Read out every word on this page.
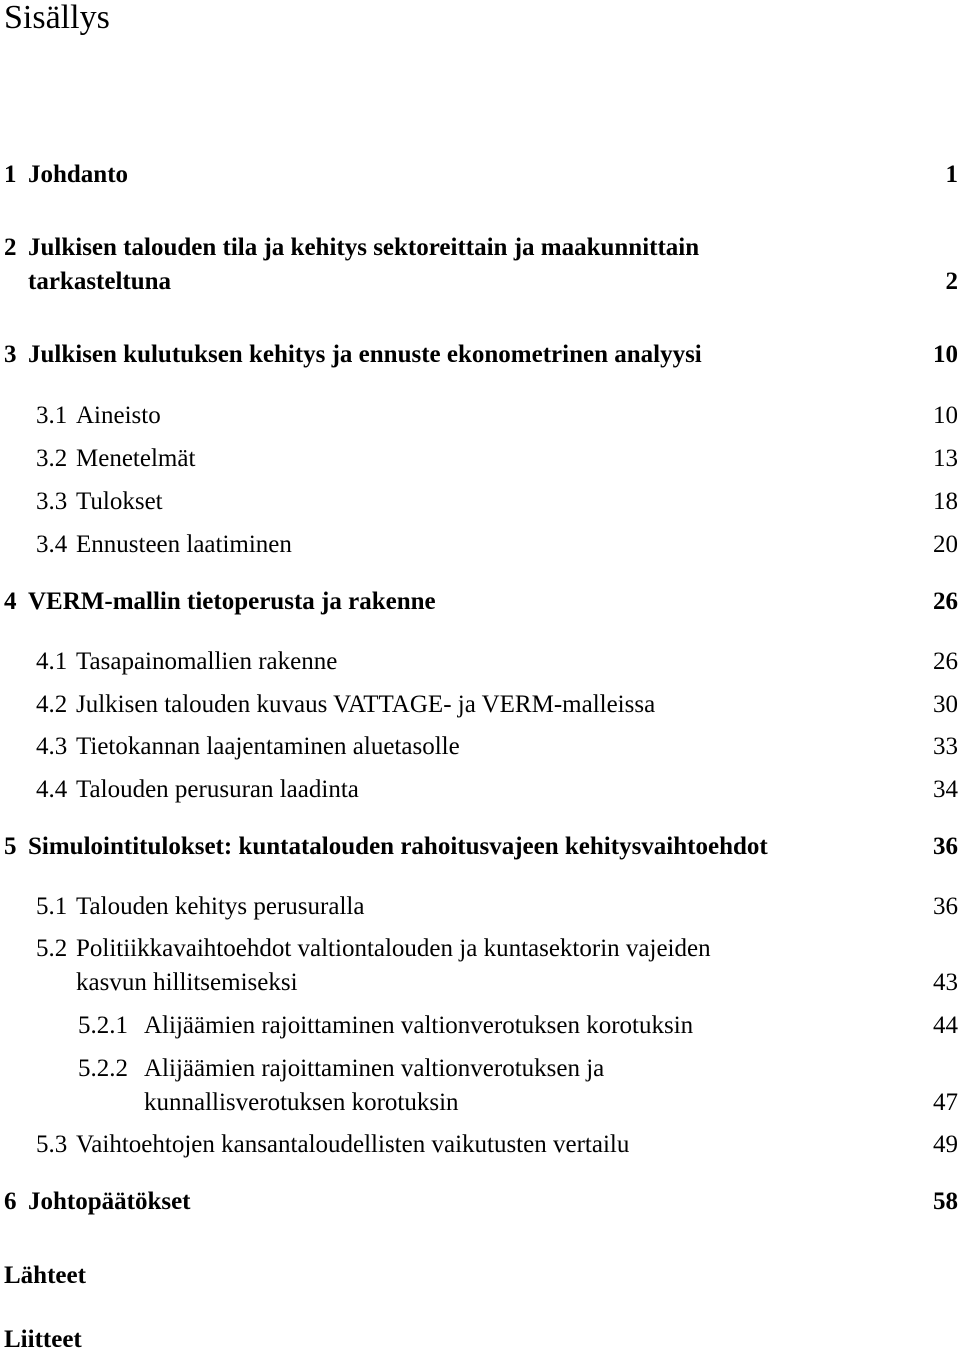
Sisällys
1 Johdanto	1
2 Julkisen talouden tila ja kehitys sektoreittain ja maakunnittain
tarkasteltuna	2
3 Julkisen kulutuksen kehitys ja ennuste ekonometrinen analyysi	10
3.1 Aineisto	10
3.2 Menetelmät	13
3.3 Tulokset	18
3.4 Ennusteen laatiminen	20
4 VERM-mallin tietoperusta ja rakenne	26
4.1 Tasapainomallien rakenne	26
4.2 Julkisen talouden kuvaus VATTAGE- ja VERM-malleissa	30
4.3 Tietokannan laajentaminen aluetasolle	33
4.4 Talouden perusuran laadinta	34
5 Simulointitulokset: kuntatalouden rahoitusvajeen kehitysvaihtoehdot	36
5.1 Talouden kehitys perusuralla	36
5.2 Politiikkavaihtoehdot valtiontalouden ja kuntasektorin vajeiden
kasvun hillitsemiseksi	43
5.2.1 Alijäämien rajoittaminen valtionverotuksen korotuksin	44
5.2.2 Alijäämien rajoittaminen valtionverotuksen ja
kunnallisverotuksen korotuksin	47
5.3 Vaihtoehtojen kansantaloudellisten vaikutusten vertailu	49
6 Johtopäätökset	58
Lähteet
Liitteet
